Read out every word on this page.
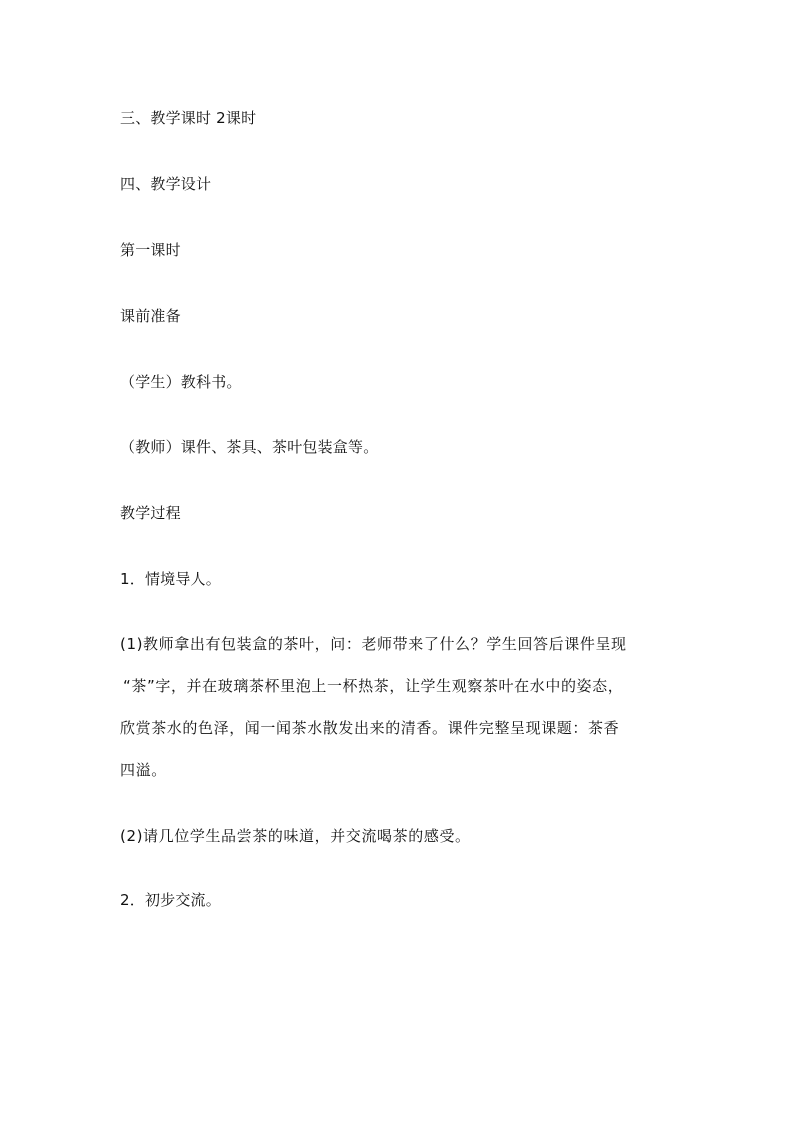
三、教学课时 2课时
四、教学设计
第一课时
课前准备
（学生）教科书。
（教师）课件、茶具、茶叶包装盒等。
教学过程
1．情境导人。
(1)教师拿出有包装盒的茶叶，问：老师带来了什么？学生回答后课件呈现
“茶”字，并在玻璃茶杯里泡上一杯热茶，让学生观察茶叶在水中的姿态，
欣赏茶水的色泽，闻一闻茶水散发出来的清香。课件完整呈现课题：茶香
四溢。
(2)请几位学生品尝茶的味道，并交流喝茶的感受。
2．初步交流。
